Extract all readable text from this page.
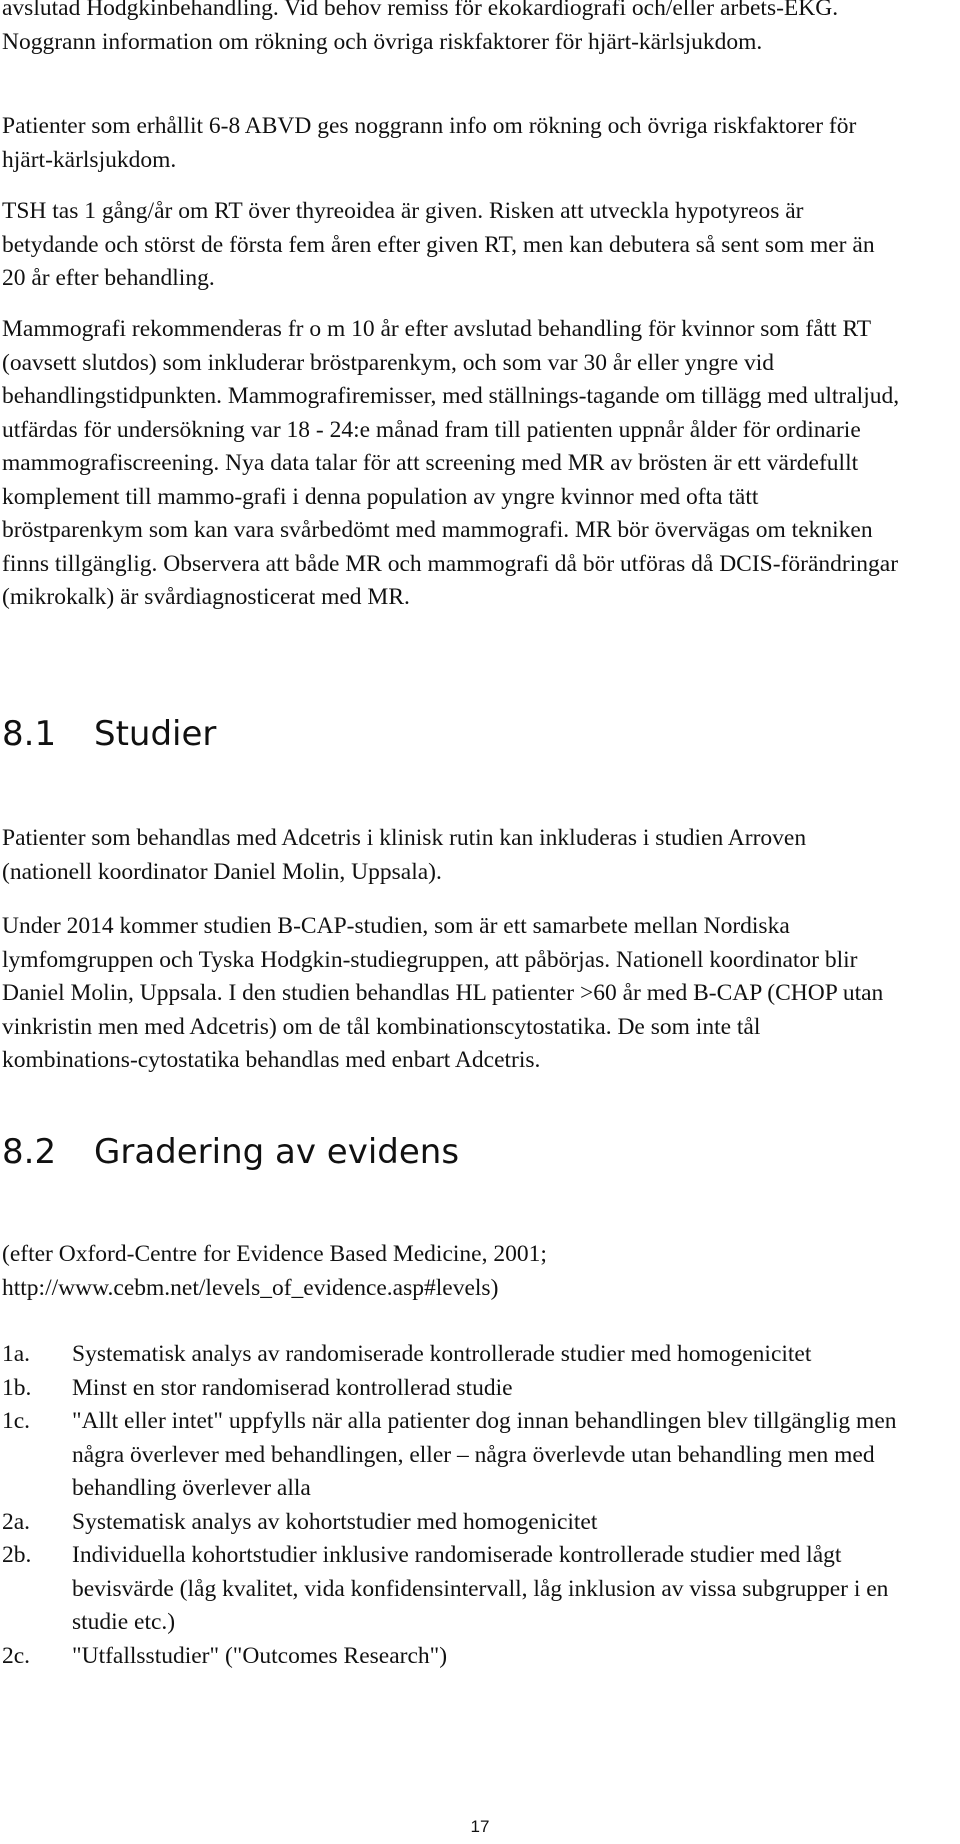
avslutad Hodgkinbehandling. Vid behov remiss för ekokardiografi och/eller arbets-EKG. Noggrann information om rökning och övriga riskfaktorer för hjärt-kärlsjukdom.

Patienter som erhållit 6-8 ABVD ges noggrann info om rökning och övriga riskfaktorer för hjärt-kärlsjukdom.

TSH tas 1 gång/år om RT över thyreoidea är given. Risken att utveckla hypotyreos är betydande och störst de första fem åren efter given RT, men kan debutera så sent som mer än 20 år efter behandling.

Mammografi rekommenderas fr o m 10 år efter avslutad behandling för kvinnor som fått RT (oavsett slutdos) som inkluderar bröstparenkym, och som var 30 år eller yngre vid behandlingstidpunkten. Mammografiremisser, med ställnings-tagande om tillägg med ultraljud, utfärdas för undersökning var 18 - 24:e månad fram till patienten uppnår ålder för ordinarie mammografiscreening. Nya data talar för att screening med MR av brösten är ett värdefullt komplement till mammo-grafi i denna population av yngre kvinnor med ofta tätt bröstparenkym som kan vara svårbedömt med mammografi. MR bör övervägas om tekniken finns tillgänglig. Observera att både MR och mammografi då bör utföras då DCIS-förändringar (mikrokalk) är svårdiagnosticerat med MR.

8.1 Studier

Patienter som behandlas med Adcetris i klinisk rutin kan inkluderas i studien Arroven (nationell koordinator Daniel Molin, Uppsala).

Under 2014 kommer studien B-CAP-studien, som är ett samarbete mellan Nordiska lymfomgruppen och Tyska Hodgkin-studiegruppen, att påbörjas. Nationell koordinator blir Daniel Molin, Uppsala. I den studien behandlas HL patienter >60 år med B-CAP (CHOP utan vinkristin men med Adcetris) om de tål kombinationscytostatika. De som inte tål kombinations-cytostatika behandlas med enbart Adcetris.

8.2 Gradering av evidens

(efter Oxford-Centre for Evidence Based Medicine, 2001; http://www.cebm.net/levels_of_evidence.asp#levels)

1a.	Systematisk analys av randomiserade kontrollerade studier med homogenicitet
1b.	Minst en stor randomiserad kontrollerad studie
1c.	"Allt eller intet" uppfylls när alla patienter dog innan behandlingen blev tillgänglig men några överlever med behandlingen, eller – några överlevde utan behandling men med behandling överlever alla
2a.	Systematisk analys av kohortstudier med homogenicitet
2b.	Individuella kohortstudier inklusive randomiserade kontrollerade studier med lågt bevisvärde (låg kvalitet, vida konfidensintervall, låg inklusion av vissa subgrupper i en studie etc.)
2c.	"Utfallsstudier" ("Outcomes Research")
17
